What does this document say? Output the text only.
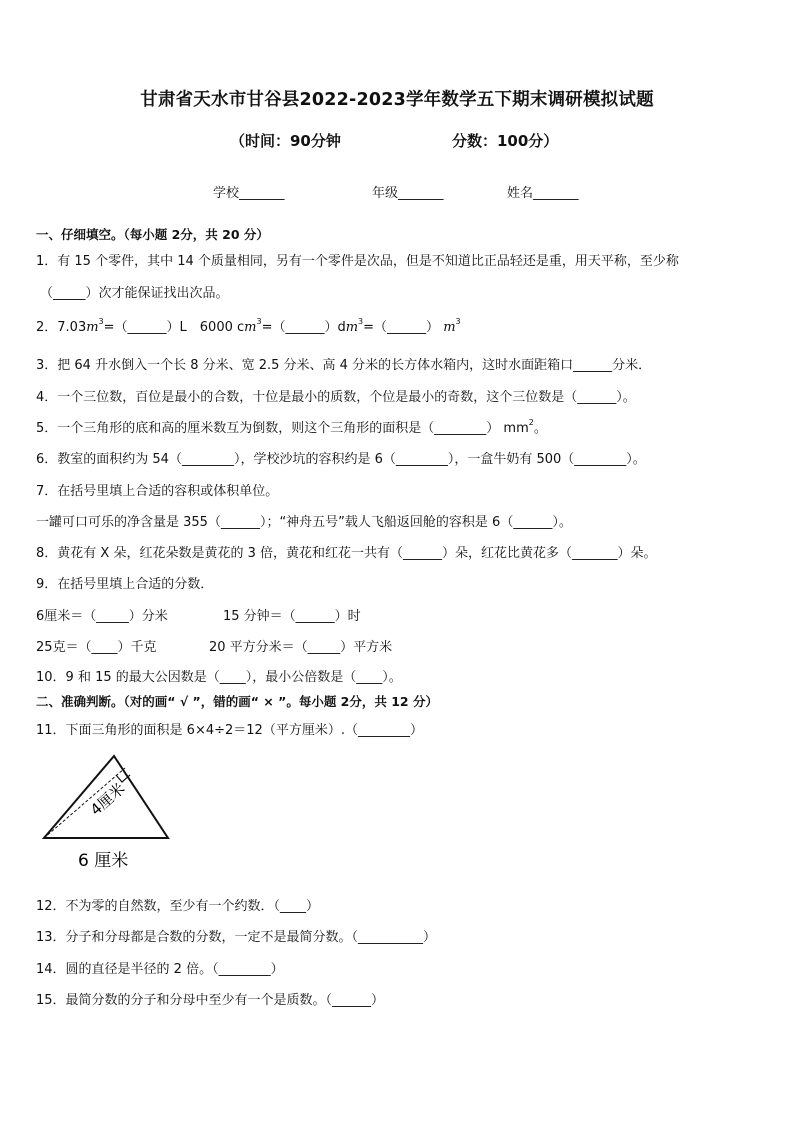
甘肃省天水市甘谷县2022-2023学年数学五下期末调研模拟试题
（时间：90分钟	分数：100分）
学校_______	年级_______	姓名_______
一、仔细填空。（每小题 2分，共 20 分）
1．有 15 个零件，其中 14 个质量相同，另有一个零件是次品，但是不知道比正品轻还是重，用天平称，至少称
（_____）次才能保证找出次品。
2．$7.03m^3=(\_\_\_\_\_\_)L$　6000 $cm^3=(\_\_\_\_\_\_)dm^3=(\_\_\_\_\_\_)$ $m^3$
3．把 64 升水倒入一个长 8 分米、宽 2.5 分米、高 4 分米的长方体水箱内，这时水面距箱口______分米．
4．一个三位数，百位是最小的合数，十位是最小的质数，个位是最小的奇数，这个三位数是（______）。
5．一个三角形的底和高的厘米数互为倒数，则这个三角形的面积是（________） $mm^2$。
6．教室的面积约为 54（________），学校沙坑的容积约是 6（________），一盒牛奶有 500（________）。
7．在括号里填上合适的容积或体积单位。
一罐可口可乐的净含量是 355（______）；“神舟五号”载人飞船返回舱的容积是 6（______）。
8．黄花有 X 朵，红花朵数是黄花的 3 倍，黄花和红花一共有（______）朵，红花比黄花多（_______）朵。
9．在括号里填上合适的分数．
6厘米＝（_____）分米	15 分钟＝（______）时
25克＝（____）千克	20 平方分米＝（_____）平方米
10．9 和 15 的最大公因数是（____），最小公倍数是（____）。
二、准确判断。（对的画“ √ ”，错的画“ × ”。每小题 2分，共 12 分）
11．下面三角形的面积是 6×4÷2＝12（平方厘米）.（________）
4厘米
6 厘米
12．不为零的自然数，至少有一个约数．（____）
13．分子和分母都是合数的分数，一定不是最简分数。（__________）
14．圆的直径是半径的 2 倍。（________）
15．最简分数的分子和分母中至少有一个是质数。（______）
